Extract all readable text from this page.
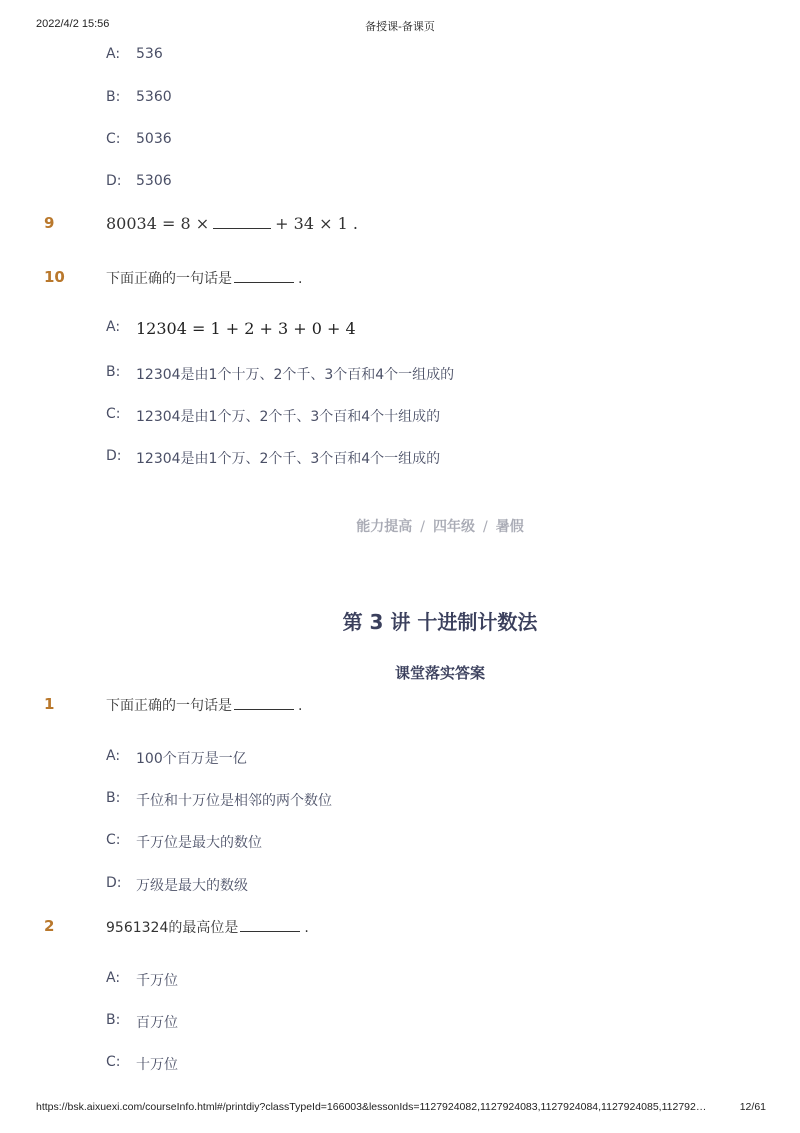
2022/4/2 15:56	备授课-备课页
A: 536
B: 5360
C: 5036
D: 5306
9	80034 = 8 ×	+ 34 × 1 .
10	下面正确的一句话是	.
A: 12304 = 1 + 2 + 3 + 0 + 4
B: 12304是由1个十万、2个千、3个百和4个一组成的
C: 12304是由1个万、2个千、3个百和4个十组成的
D: 12304是由1个万、2个千、3个百和4个一组成的
能力提高 / 四年级 / 暑假
第 3 讲 十进制计数法
课堂落实答案
1	下面正确的一句话是	.
A: 100个百万是一亿
B: 千位和十万位是相邻的两个数位
C: 千万位是最大的数位
D: 万级是最大的数级
2	9561324的最高位是	.
A: 千万位
B: 百万位
C: 十万位
https://bsk.aixuexi.com/courseInfo.html#/printdiy?classTypeId=166003&lessonIds=1127924082,1127924083,1127924084,1127924085,112792…	12/61
